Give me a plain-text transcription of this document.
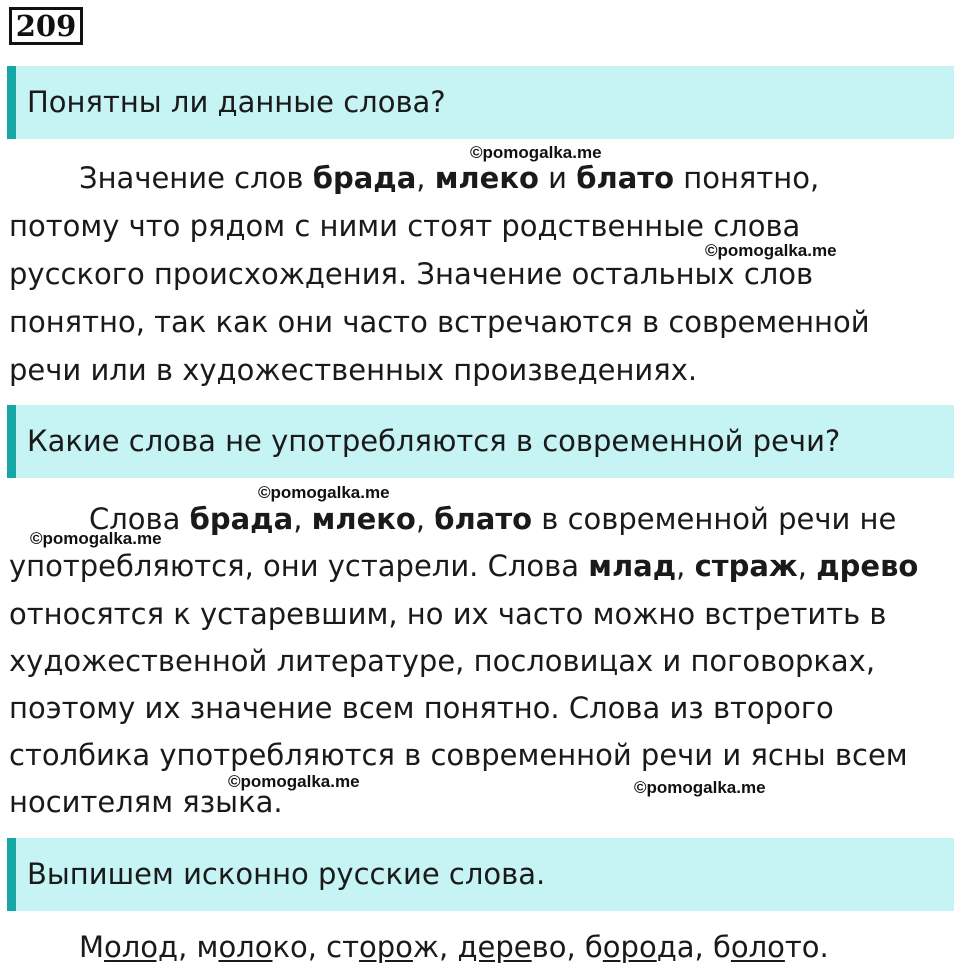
209
Понятны ли данные слова?
©pomogalka.me
Значение слов брада, млеко и блато понятно,
потому что рядом с ними стоят родственные слова
©pomogalka.me
русского происхождения. Значение остальных слов
понятно, так как они часто встречаются в современной
речи или в художественных произведениях.
Какие слова не употребляются в современной речи?
©pomogalka.me
©pomogalka.me
Слова брада, млеко, блато в современной речи не
употребляются, они устарели. Слова млад, страж, древо
относятся к устаревшим, но их часто можно встретить в
художественной литературе, пословицах и поговорках,
поэтому их значение всем понятно. Слова из второго
столбика употребляются в современной речи и ясны всем
©pomogalka.me	©pomogalka.me
носителям языка.
Выпишем исконно русские слова.
Молод, молоко, сторож, дерево, борода, болото.
